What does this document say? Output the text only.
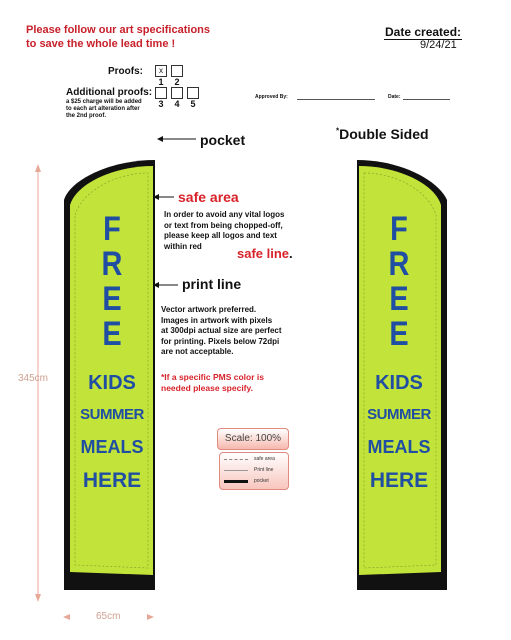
Please follow our art specifications
to save the whole lead time !
Date created:
9/24/21
Proofs:	x
1	2
Additional proofs:
a $25 charge will be added
to each art alteration after
the 2nd proof.
3	4	5
Approved By:	Date:
pocket
*Double Sided
safe area
In order to avoid any vital logos
or text from being chopped-off,
please keep all logos and text
within red	safe line.
print line
Vector artwork preferred.
Images in artwork with pixels
at 300dpi actual size are perfect
for printing. Pixels below 72dpi
are not acceptable.
*If a specific PMS color is
needed please specify.
Scale: 100%
safe area
Print line
pocket
F
R
E
E
KIDS
SUMMER
MEALS
HERE
F
R
E
E
KIDS
SUMMER
MEALS
HERE
345cm
65cm
